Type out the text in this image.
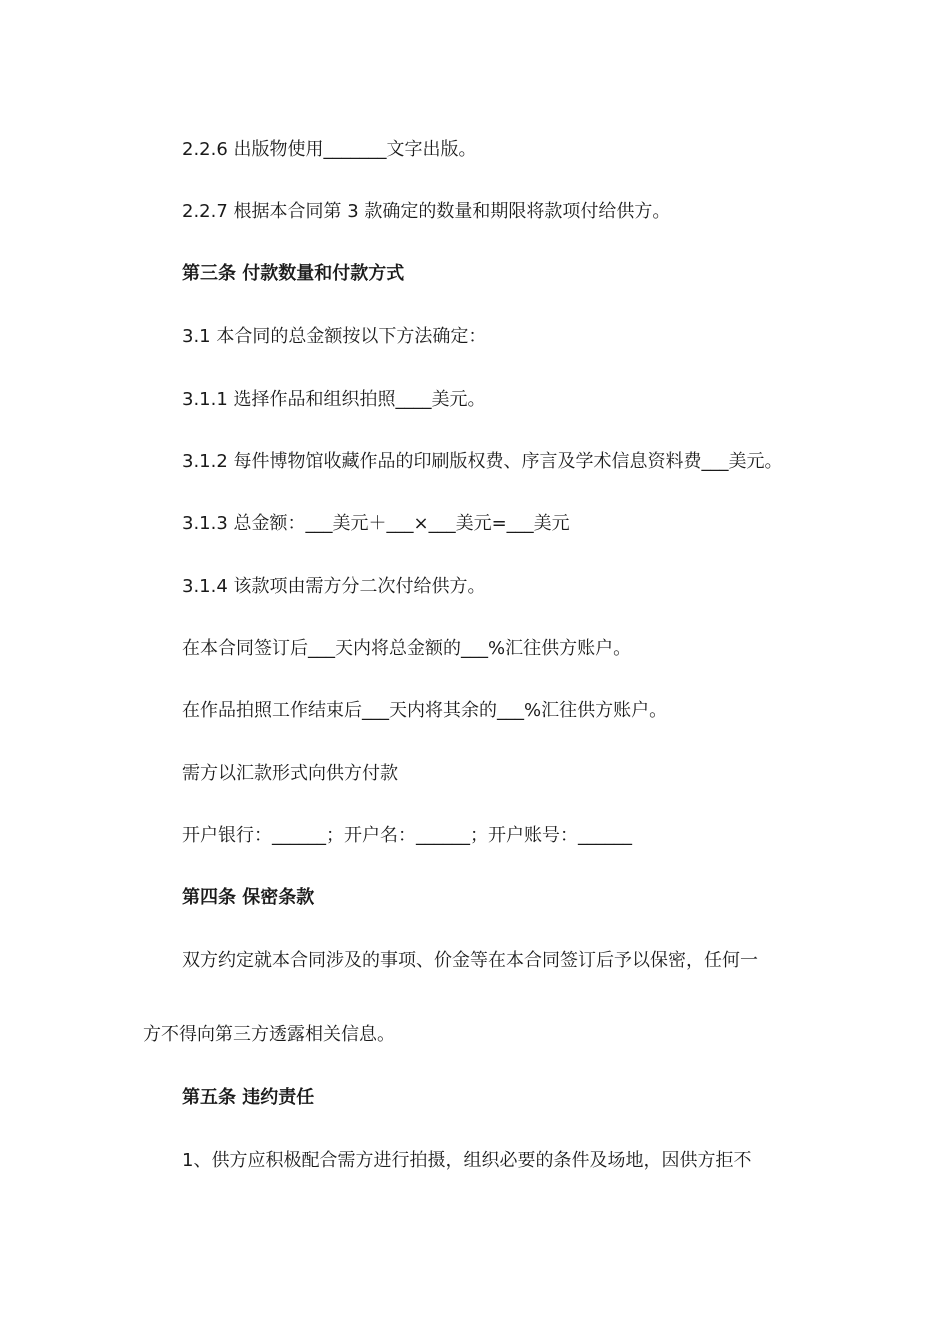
2.2.6 出版物使用_______文字出版。
2.2.7 根据本合同第 3 款确定的数量和期限将款项付给供方。
第三条 付款数量和付款方式
3.1 本合同的总金额按以下方法确定：
3.1.1 选择作品和组织拍照____美元。
3.1.2 每件博物馆收藏作品的印刷版权费、序言及学术信息资料费___美元。
3.1.3 总金额：___美元＋___×___美元=___美元
3.1.4 该款项由需方分二次付给供方。
在本合同签订后___天内将总金额的___%汇往供方账户。
在作品拍照工作结束后___天内将其余的___%汇往供方账户。
需方以汇款形式向供方付款
开户银行：______；开户名：______；开户账号：______
第四条 保密条款
双方约定就本合同涉及的事项、价金等在本合同签订后予以保密，任何一
方不得向第三方透露相关信息。
第五条 违约责任
1、供方应积极配合需方进行拍摄，组织必要的条件及场地，因供方拒不
